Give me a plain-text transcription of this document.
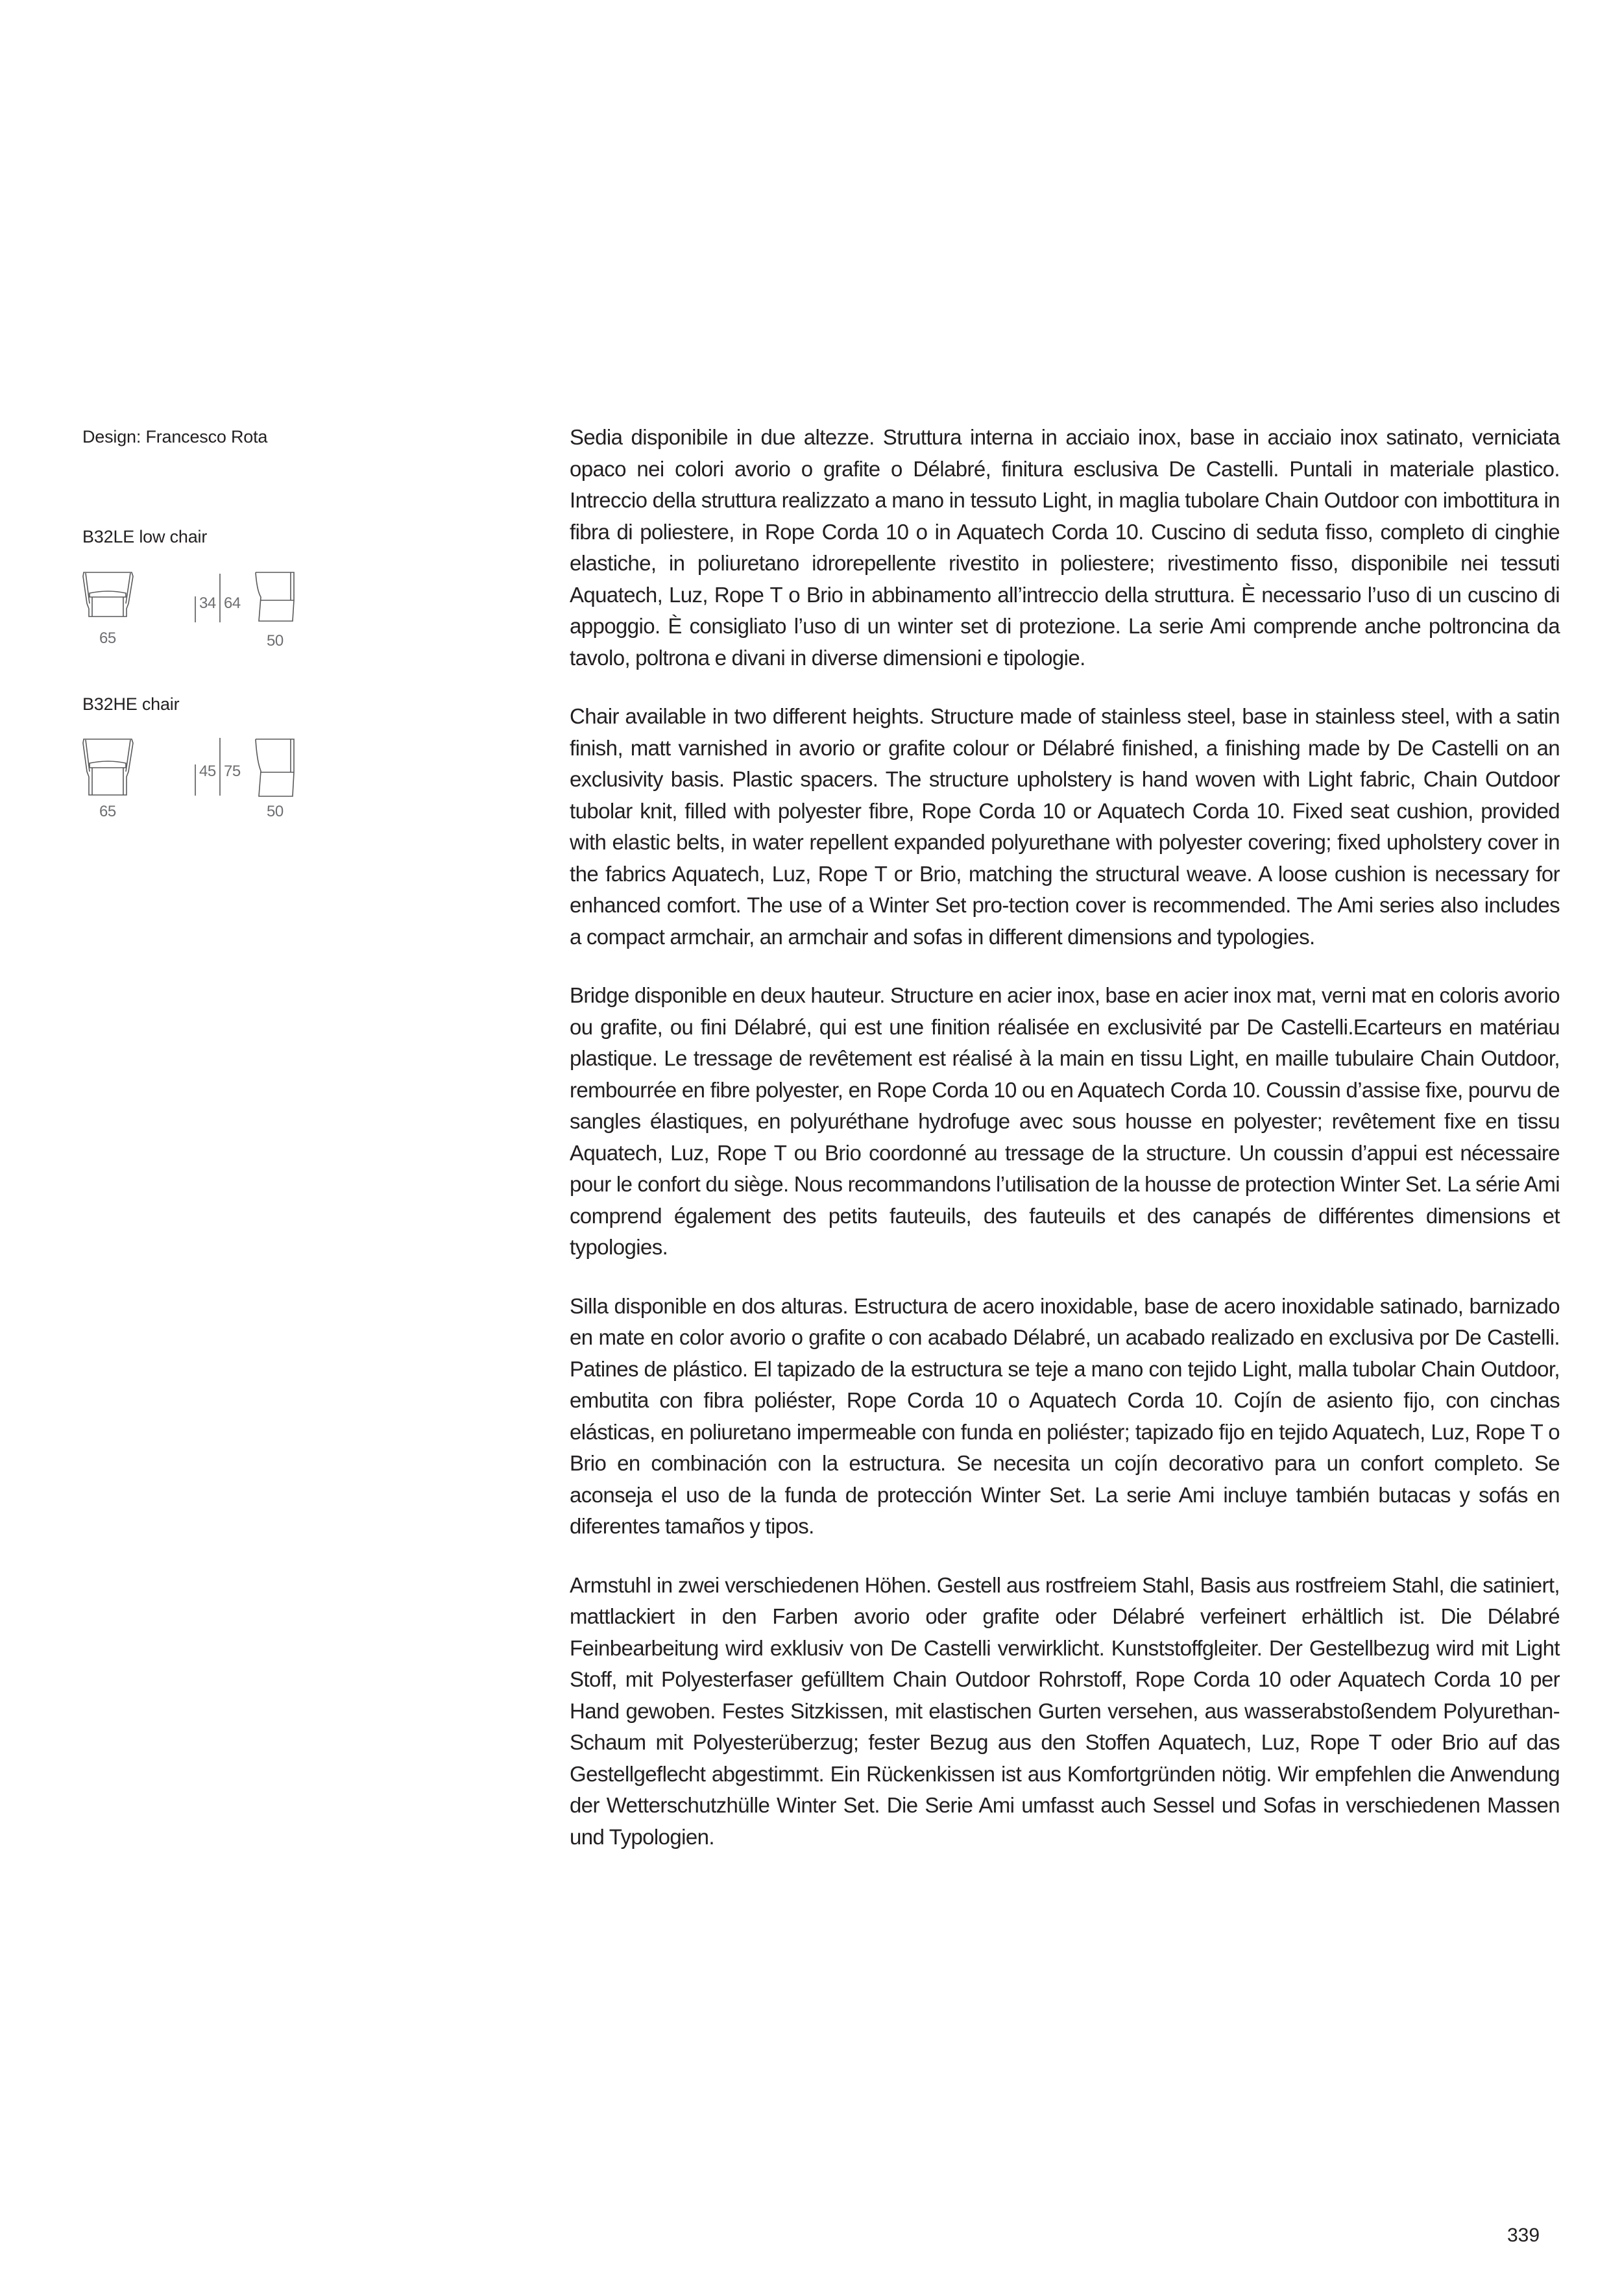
Design: Francesco Rota
B32LE low chair
65
34 64
50
B32HE chair
65
45 75
50

Sedia disponibile in due altezze. Struttura interna in acciaio inox, base in acciaio inox satinato, verniciata opaco nei colori avorio o grafite o Délabré, finitura esclusiva De Castelli. Puntali in materiale plastico. Intreccio della struttura realizzato a mano in tessuto Light, in maglia tubolare Chain Outdoor con imbottitura in fibra di poliestere, in Rope Corda 10 o in Aquatech Corda 10. Cuscino di seduta fisso, completo di cinghie elastiche, in poliuretano idrorepellente rivestito in poliestere; rivestimento fisso, disponibile nei tessuti Aquatech, Luz, Rope T o Brio in abbinamento all’intreccio della struttura. È necessario l’uso di un cuscino di appoggio. È consigliato l’uso di un winter set di protezione. La serie Ami comprende anche poltroncina da tavolo, poltrona e divani in diverse dimensioni e tipologie.

Chair available in two different heights. Structure made of stainless steel, base in stainless steel, with a satin finish, matt varnished in avorio or grafite colour or Délabré finished, a finishing made by De Castelli on an exclusivity basis. Plastic spacers. The structure upholstery is hand woven with Light fabric, Chain Outdoor tubolar knit, filled with polyester fibre, Rope Corda 10 or Aquatech Corda 10. Fixed seat cushion, provided with elastic belts, in water repellent expanded polyurethane with polyester covering; fixed upholstery cover in the fabrics Aquatech, Luz, Rope T or Brio, matching the structural weave. A loose cushion is necessary for enhanced comfort. The use of a Winter Set pro-tection cover is recommended. The Ami series also includes a compact armchair, an armchair and sofas in different dimensions and typologies.

Bridge disponible en deux hauteur. Structure en acier inox, base en acier inox mat, verni mat en coloris avorio ou grafite, ou fini Délabré, qui est une finition réalisée en exclusivité par De Castelli.Ecarteurs en matériau plastique. Le tressage de revêtement est réalisé à la main en tissu Light, en maille tubulaire Chain Outdoor, rembourrée en fibre polyester, en Rope Corda 10 ou en Aquatech Corda 10. Coussin d’assise fixe, pourvu de sangles élastiques, en polyuréthane hydrofuge avec sous housse en polyester; revêtement fixe en tissu Aquatech, Luz, Rope T ou Brio coordonné au tressage de la structure. Un coussin d’appui est nécessaire pour le confort du siège. Nous recommandons l’utilisation de la housse de protection Winter Set. La série Ami comprend également des petits fauteuils, des fauteuils et des canapés de différentes dimensions et typologies.

Silla disponible en dos alturas. Estructura de acero inoxidable, base de acero inoxidable satinado, barnizado en mate en color avorio o grafite o con acabado Délabré, un acabado realizado en exclusiva por De Castelli. Patines de plástico. El tapizado de la estructura se teje a mano con tejido Light, malla tubolar Chain Outdoor, embutita con fibra poliéster, Rope Corda 10 o Aquatech Corda 10. Cojín de asiento fijo, con cinchas elásticas, en poliuretano impermeable con funda en poliéster; tapizado fijo en tejido Aquatech, Luz, Rope T o Brio en combinación con la estructura. Se necesita un cojín decorativo para un confort completo. Se aconseja el uso de la funda de protección Winter Set. La serie Ami incluye también butacas y sofás en diferentes tamaños y tipos.

Armstuhl in zwei verschiedenen Höhen. Gestell aus rostfreiem Stahl, Basis aus rostfreiem Stahl, die satiniert, mattlackiert in den Farben avorio oder grafite oder Délabré verfeinert erhältlich ist. Die Délabré Feinbearbeitung wird exklusiv von De Castelli verwirklicht. Kunststoffgleiter. Der Gestellbezug wird mit Light Stoff, mit Polyesterfaser gefülltem Chain Outdoor Rohrstoff, Rope Corda 10 oder Aquatech Corda 10 per Hand gewoben. Festes Sitzkissen, mit elastischen Gurten versehen, aus wasserabstoßendem Polyurethan-Schaum mit Polyesterüberzug; fester Bezug aus den Stoffen Aquatech, Luz, Rope T oder Brio auf das Gestellgeflecht abgestimmt. Ein Rückenkissen ist aus Komfortgründen nötig. Wir empfehlen die Anwendung der Wetterschutzhülle Winter Set. Die Serie Ami umfasst auch Sessel und Sofas in verschiedenen Massen und Typologien.

339
